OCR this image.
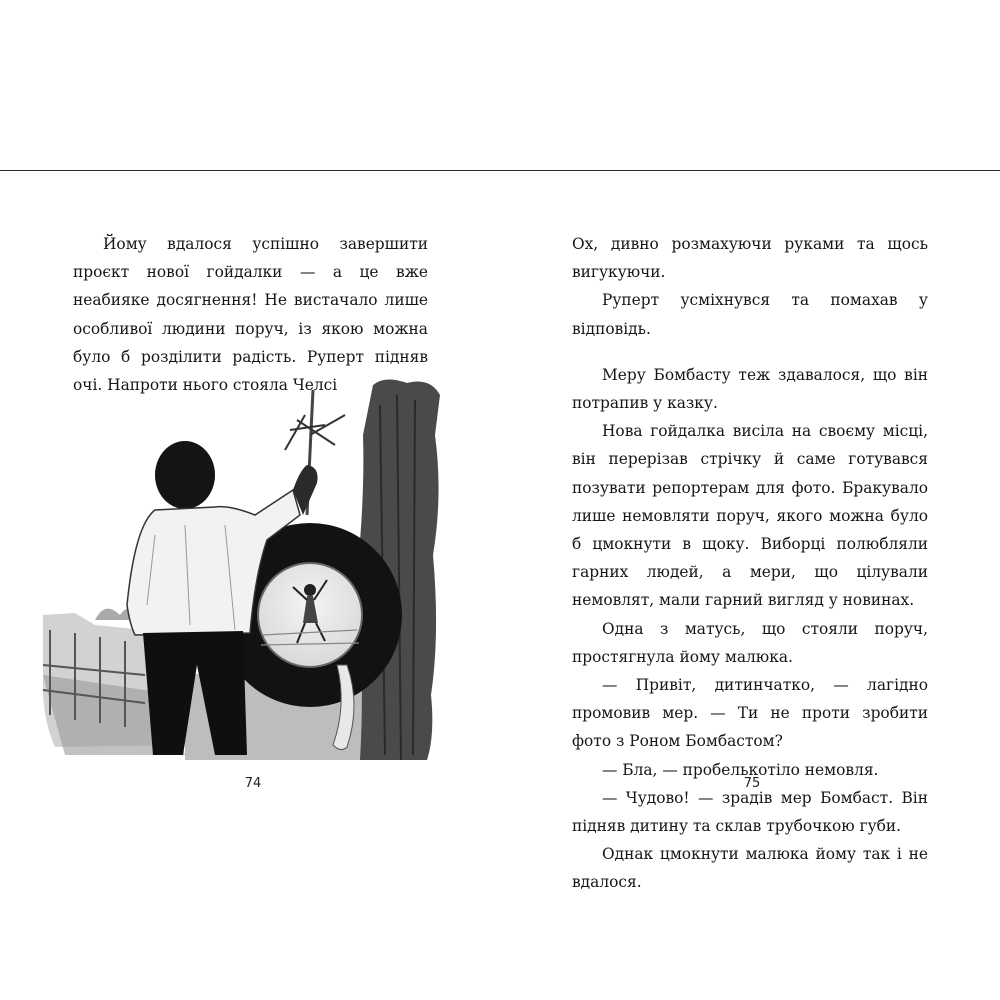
Йому вдалося успішно завершити проєкт нової гойдалки — а це вже неабияке досягнення! Не вистачало лише особливої людини поруч, із якою можна було б розділити радість. Руперт підняв очі. Напроти нього стояла Челсі

74

Ох, дивно розмахуючи руками та щось вигукуючи.

Руперт усміхнувся та помахав у відповідь.

Меру Бомбасту теж здавалося, що він потрапив у казку.

Нова гойдалка висіла на своєму місці, він перерізав стрічку й саме готувався позувати репортерам для фото. Бракувало лише немовляти поруч, якого можна було б цмокнути в щоку. Виборці полюбляли гарних людей, а мери, що цілували немовлят, мали гарний вигляд у новинах.

Одна з матусь, що стояли поруч, простягнула йому малюка.

— Привіт, дитинчатко, — лагідно промовив мер. — Ти не проти зробити фото з Роном Бомбастом?

— Бла, — пробелькотіло немовля.

— Чудово! — зрадів мер Бомбаст. Він підняв дитину та склав трубочкою губи.

Однак цмокнути малюка йому так і не вдалося.

75
